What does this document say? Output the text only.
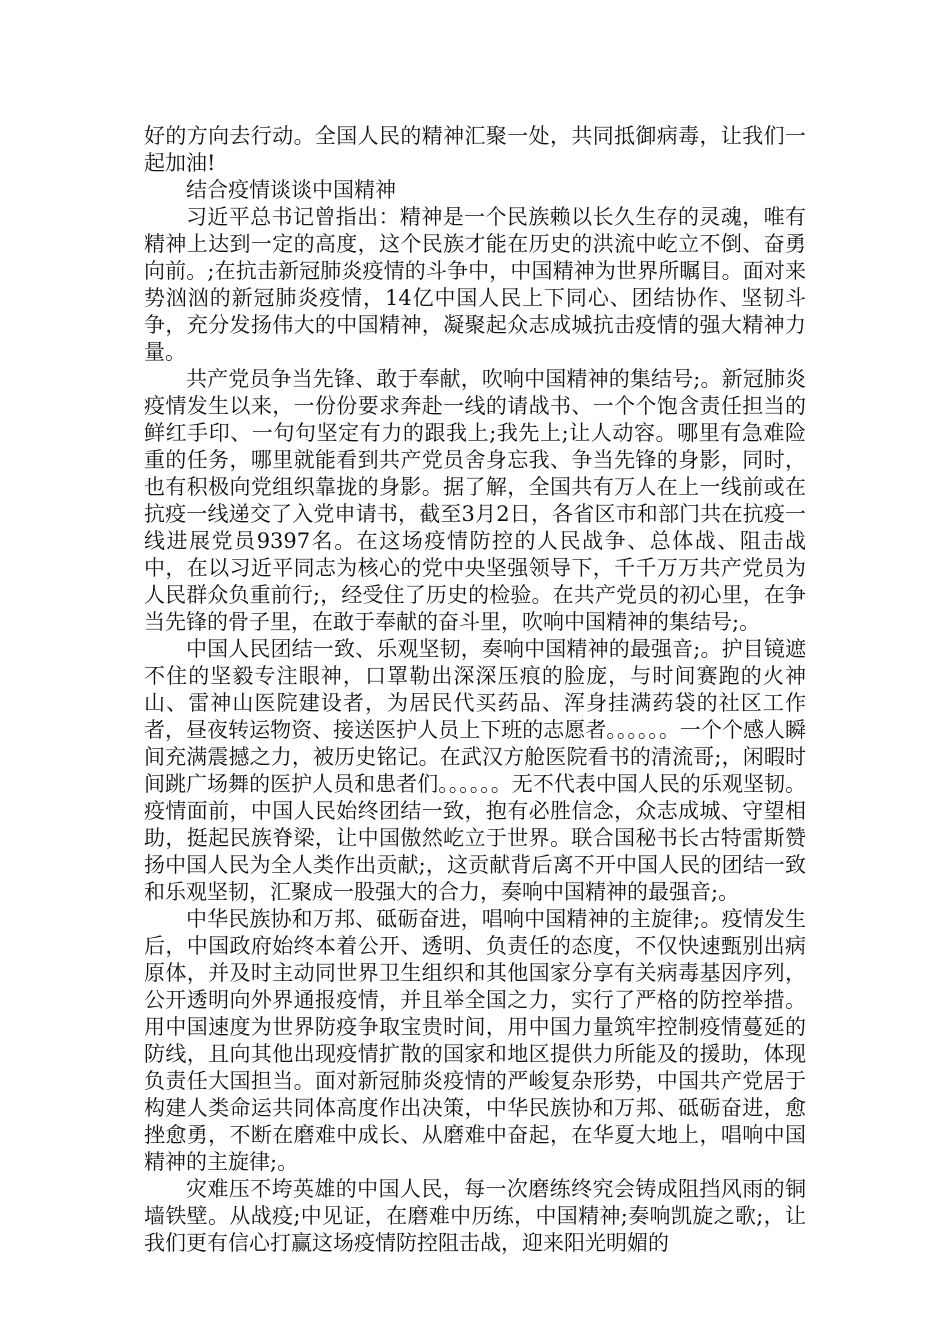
好的方向去行动。全国人民的精神汇聚一处，共同抵御病毒，让我们一起加油!

结合疫情谈谈中国精神

习近平总书记曾指出：精神是一个民族赖以长久生存的灵魂，唯有精神上达到一定的高度，这个民族才能在历史的洪流中屹立不倒、奋勇向前。;在抗击新冠肺炎疫情的斗争中，中国精神为世界所瞩目。面对来势汹汹的新冠肺炎疫情，14亿中国人民上下同心、团结协作、坚韧斗争，充分发扬伟大的中国精神，凝聚起众志成城抗击疫情的强大精神力量。

共产党员争当先锋、敢于奉献，吹响中国精神的集结号;。新冠肺炎疫情发生以来，一份份要求奔赴一线的请战书、一个个饱含责任担当的鲜红手印、一句句坚定有力的跟我上;我先上;让人动容。哪里有急难险重的任务，哪里就能看到共产党员舍身忘我、争当先锋的身影，同时，也有积极向党组织靠拢的身影。据了解，全国共有万人在上一线前或在抗疫一线递交了入党申请书，截至3月2日，各省区市和部门共在抗疫一线进展党员9397名。在这场疫情防控的人民战争、总体战、阻击战中，在以习近平同志为核心的党中央坚强领导下，千千万万共产党员为人民群众负重前行;，经受住了历史的检验。在共产党员的初心里，在争当先锋的骨子里，在敢于奉献的奋斗里，吹响中国精神的集结号;。

中国人民团结一致、乐观坚韧，奏响中国精神的最强音;。护目镜遮不住的坚毅专注眼神，口罩勒出深深压痕的脸庞，与时间赛跑的火神山、雷神山医院建设者，为居民代买药品、浑身挂满药袋的社区工作者，昼夜转运物资、接送医护人员上下班的志愿者。。。。。。一个个感人瞬间充满震撼之力，被历史铭记。在武汉方舱医院看书的清流哥;，闲暇时间跳广场舞的医护人员和患者们。。。。。。无不代表中国人民的乐观坚韧。疫情面前，中国人民始终团结一致，抱有必胜信念，众志成城、守望相助，挺起民族脊梁，让中国傲然屹立于世界。联合国秘书长古特雷斯赞扬中国人民为全人类作出贡献;，这贡献背后离不开中国人民的团结一致和乐观坚韧，汇聚成一股强大的合力，奏响中国精神的最强音;。

中华民族协和万邦、砥砺奋进，唱响中国精神的主旋律;。疫情发生后，中国政府始终本着公开、透明、负责任的态度，不仅快速甄别出病原体，并及时主动同世界卫生组织和其他国家分享有关病毒基因序列，公开透明向外界通报疫情，并且举全国之力，实行了严格的防控举措。用中国速度为世界防疫争取宝贵时间，用中国力量筑牢控制疫情蔓延的防线，且向其他出现疫情扩散的国家和地区提供力所能及的援助，体现负责任大国担当。面对新冠肺炎疫情的严峻复杂形势，中国共产党居于构建人类命运共同体高度作出决策，中华民族协和万邦、砥砺奋进，愈挫愈勇，不断在磨难中成长、从磨难中奋起，在华夏大地上，唱响中国精神的主旋律;。

灾难压不垮英雄的中国人民，每一次磨练终究会铸成阻挡风雨的铜墙铁壁。从战疫;中见证，在磨难中历练，中国精神;奏响凯旋之歌;，让我们更有信心打赢这场疫情防控阻击战，迎来阳光明媚的
